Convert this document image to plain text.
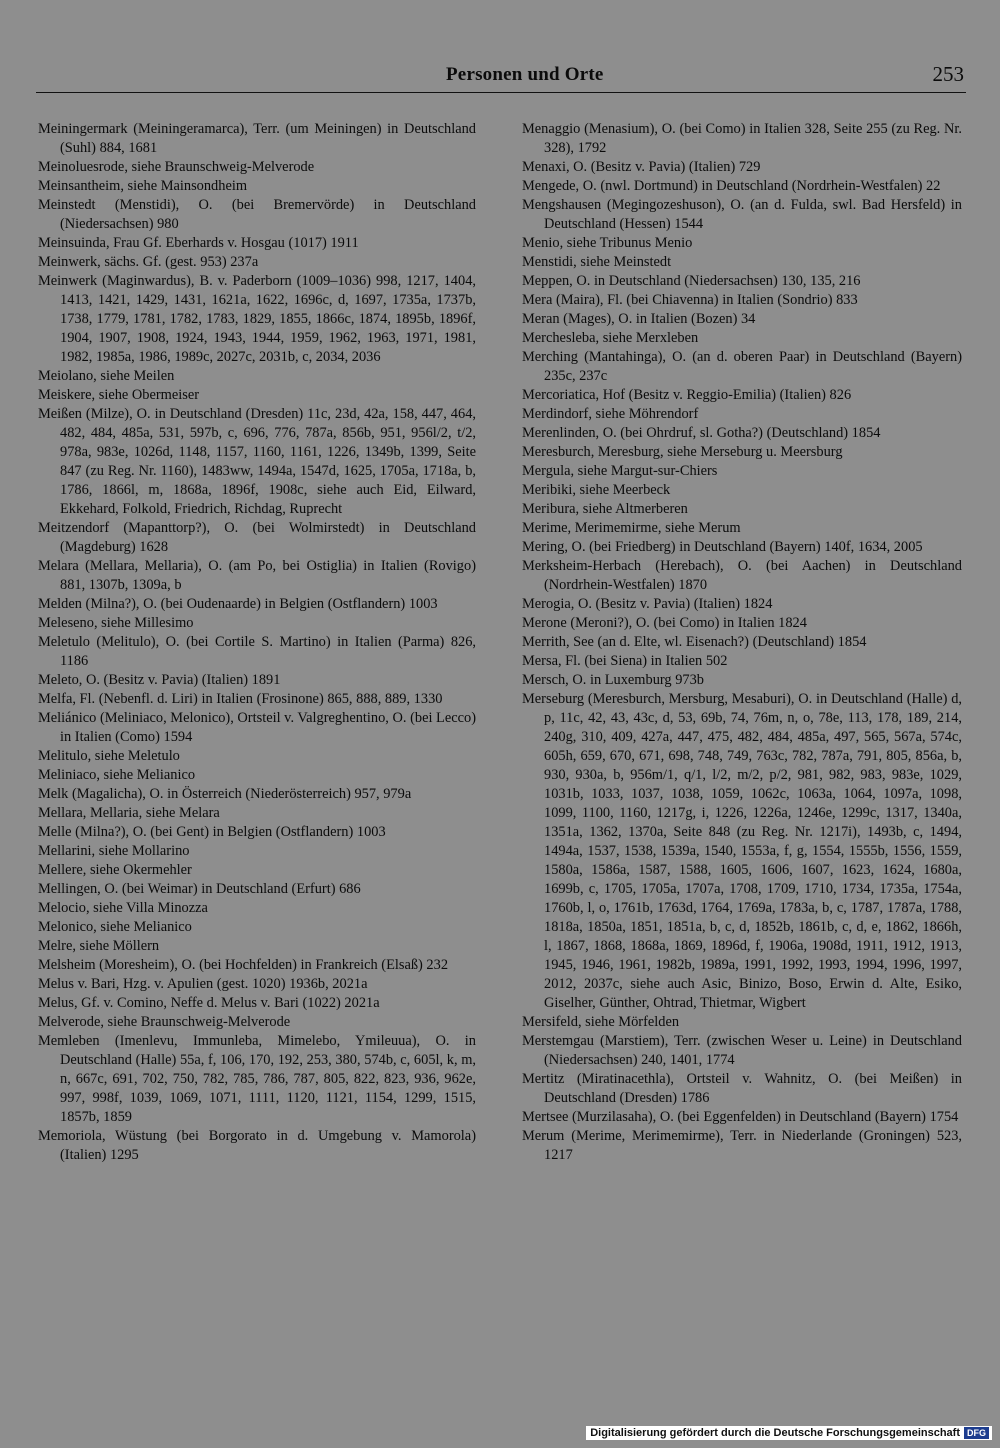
Personen und Orte	253

Meiningermark (Meiningeramarca), Terr. (um Meiningen) in Deutschland (Suhl) 884, 1681

Meinoluesrode, siehe Braunschweig-Melverode

Meinsantheim, siehe Mainsondheim

Meinstedt (Menstidi), O. (bei Bremervörde) in Deutschland (Niedersachsen) 980

Meinsuinda, Frau Gf. Eberhards v. Hosgau (1017) 1911

Meinwerk, sächs. Gf. (gest. 953) 237a

Meinwerk (Maginwardus), B. v. Paderborn (1009–1036) 998, 1217, 1404, 1413, 1421, 1429, 1431, 1621a, 1622, 1696c, d, 1697, 1735a, 1737b, 1738, 1779, 1781, 1782, 1783, 1829, 1855, 1866c, 1874, 1895b, 1896f, 1904, 1907, 1908, 1924, 1943, 1944, 1959, 1962, 1963, 1971, 1981, 1982, 1985a, 1986, 1989c, 2027c, 2031b, c, 2034, 2036

Meiolano, siehe Meilen

Meiskere, siehe Obermeiser

Meißen (Milze), O. in Deutschland (Dresden) 11c, 23d, 42a, 158, 447, 464, 482, 484, 485a, 531, 597b, c, 696, 776, 787a, 856b, 951, 956l/2, t/2, 978a, 983e, 1026d, 1148, 1157, 1160, 1161, 1226, 1349b, 1399, Seite 847 (zu Reg. Nr. 1160), 1483ww, 1494a, 1547d, 1625, 1705a, 1718a, b, 1786, 1866l, m, 1868a, 1896f, 1908c, siehe auch Eid, Eilward, Ekkehard, Folkold, Friedrich, Richdag, Ruprecht

Meitzendorf (Mapanttorp?), O. (bei Wolmirstedt) in Deutschland (Magdeburg) 1628

Melara (Mellara, Mellaria), O. (am Po, bei Ostiglia) in Italien (Rovigo) 881, 1307b, 1309a, b

Melden (Milna?), O. (bei Oudenaarde) in Belgien (Ostflandern) 1003

Meleseno, siehe Millesimo

Meletulo (Melitulo), O. (bei Cortile S. Martino) in Italien (Parma) 826, 1186

Meleto, O. (Besitz v. Pavia) (Italien) 1891

Melfa, Fl. (Nebenfl. d. Liri) in Italien (Frosinone) 865, 888, 889, 1330

Meliánico (Meliniaco, Melonico), Ortsteil v. Valgreghentino, O. (bei Lecco) in Italien (Como) 1594

Melitulo, siehe Meletulo

Meliniaco, siehe Melianico

Melk (Magalicha), O. in Österreich (Niederösterreich) 957, 979a

Mellara, Mellaria, siehe Melara

Melle (Milna?), O. (bei Gent) in Belgien (Ostflandern) 1003

Mellarini, siehe Mollarino

Mellere, siehe Okermehler

Mellingen, O. (bei Weimar) in Deutschland (Erfurt) 686

Melocio, siehe Villa Minozza

Melonico, siehe Melianico

Melre, siehe Möllern

Melsheim (Moresheim), O. (bei Hochfelden) in Frankreich (Elsaß) 232

Melus v. Bari, Hzg. v. Apulien (gest. 1020) 1936b, 2021a

Melus, Gf. v. Comino, Neffe d. Melus v. Bari (1022) 2021a

Melverode, siehe Braunschweig-Melverode

Memleben (Imenlevu, Immunleba, Mimelebo, Ymileuua), O. in Deutschland (Halle) 55a, f, 106, 170, 192, 253, 380, 574b, c, 605l, k, m, n, 667c, 691, 702, 750, 782, 785, 786, 787, 805, 822, 823, 936, 962e, 997, 998f, 1039, 1069, 1071, 1111, 1120, 1121, 1154, 1299, 1515, 1857b, 1859

Memoriola, Wüstung (bei Borgorato in d. Umgebung v. Mamorola) (Italien) 1295

Menaggio (Menasium), O. (bei Como) in Italien 328, Seite 255 (zu Reg. Nr. 328), 1792

Menaxi, O. (Besitz v. Pavia) (Italien) 729

Mengede, O. (nwl. Dortmund) in Deutschland (Nordrhein-Westfalen) 22

Mengshausen (Megingozeshuson), O. (an d. Fulda, swl. Bad Hersfeld) in Deutschland (Hessen) 1544

Menio, siehe Tribunus Menio

Menstidi, siehe Meinstedt

Meppen, O. in Deutschland (Niedersachsen) 130, 135, 216

Mera (Maira), Fl. (bei Chiavenna) in Italien (Sondrio) 833

Meran (Mages), O. in Italien (Bozen) 34

Merchesleba, siehe Merxleben

Merching (Mantahinga), O. (an d. oberen Paar) in Deutschland (Bayern) 235c, 237c

Mercoriatica, Hof (Besitz v. Reggio-Emilia) (Italien) 826

Merdindorf, siehe Möhrendorf

Merenlinden, O. (bei Ohrdruf, sl. Gotha?) (Deutschland) 1854

Meresburch, Meresburg, siehe Merseburg u. Meersburg

Mergula, siehe Margut-sur-Chiers

Meribiki, siehe Meerbeck

Meribura, siehe Altmerberen

Merime, Merimemirme, siehe Merum

Mering, O. (bei Friedberg) in Deutschland (Bayern) 140f, 1634, 2005

Merksheim-Herbach (Herebach), O. (bei Aachen) in Deutschland (Nordrhein-Westfalen) 1870

Merogia, O. (Besitz v. Pavia) (Italien) 1824

Merone (Meroni?), O. (bei Como) in Italien 1824

Merrith, See (an d. Elte, wl. Eisenach?) (Deutschland) 1854

Mersa, Fl. (bei Siena) in Italien 502

Mersch, O. in Luxemburg 973b

Merseburg (Meresburch, Mersburg, Mesaburi), O. in Deutschland (Halle) d, p, 11c, 42, 43, 43c, d, 53, 69b, 74, 76m, n, o, 78e, 113, 178, 189, 214, 240g, 310, 409, 427a, 447, 475, 482, 484, 485a, 497, 565, 567a, 574c, 605h, 659, 670, 671, 698, 748, 749, 763c, 782, 787a, 791, 805, 856a, b, 930, 930a, b, 956m/1, q/1, l/2, m/2, p/2, 981, 982, 983, 983e, 1029, 1031b, 1033, 1037, 1038, 1059, 1062c, 1063a, 1064, 1097a, 1098, 1099, 1100, 1160, 1217g, i, 1226, 1226a, 1246e, 1299c, 1317, 1340a, 1351a, 1362, 1370a, Seite 848 (zu Reg. Nr. 1217i), 1493b, c, 1494, 1494a, 1537, 1538, 1539a, 1540, 1553a, f, g, 1554, 1555b, 1556, 1559, 1580a, 1586a, 1587, 1588, 1605, 1606, 1607, 1623, 1624, 1680a, 1699b, c, 1705, 1705a, 1707a, 1708, 1709, 1710, 1734, 1735a, 1754a, 1760b, l, o, 1761b, 1763d, 1764, 1769a, 1783a, b, c, 1787, 1787a, 1788, 1818a, 1850a, 1851, 1851a, b, c, d, 1852b, 1861b, c, d, e, 1862, 1866h, l, 1867, 1868, 1868a, 1869, 1896d, f, 1906a, 1908d, 1911, 1912, 1913, 1945, 1946, 1961, 1982b, 1989a, 1991, 1992, 1993, 1994, 1996, 1997, 2012, 2037c, siehe auch Asic, Binizo, Boso, Erwin d. Alte, Esiko, Giselher, Günther, Ohtrad, Thietmar, Wigbert

Mersifeld, siehe Mörfelden

Merstemgau (Marstiem), Terr. (zwischen Weser u. Leine) in Deutschland (Niedersachsen) 240, 1401, 1774

Mertitz (Miratinacethla), Ortsteil v. Wahnitz, O. (bei Meißen) in Deutschland (Dresden) 1786

Mertsee (Murzilasaha), O. (bei Eggenfelden) in Deutschland (Bayern) 1754

Merum (Merime, Merimemirme), Terr. in Niederlande (Groningen) 523, 1217

Digitalisierung gefördert durch die Deutsche Forschungsgemeinschaft DFG
